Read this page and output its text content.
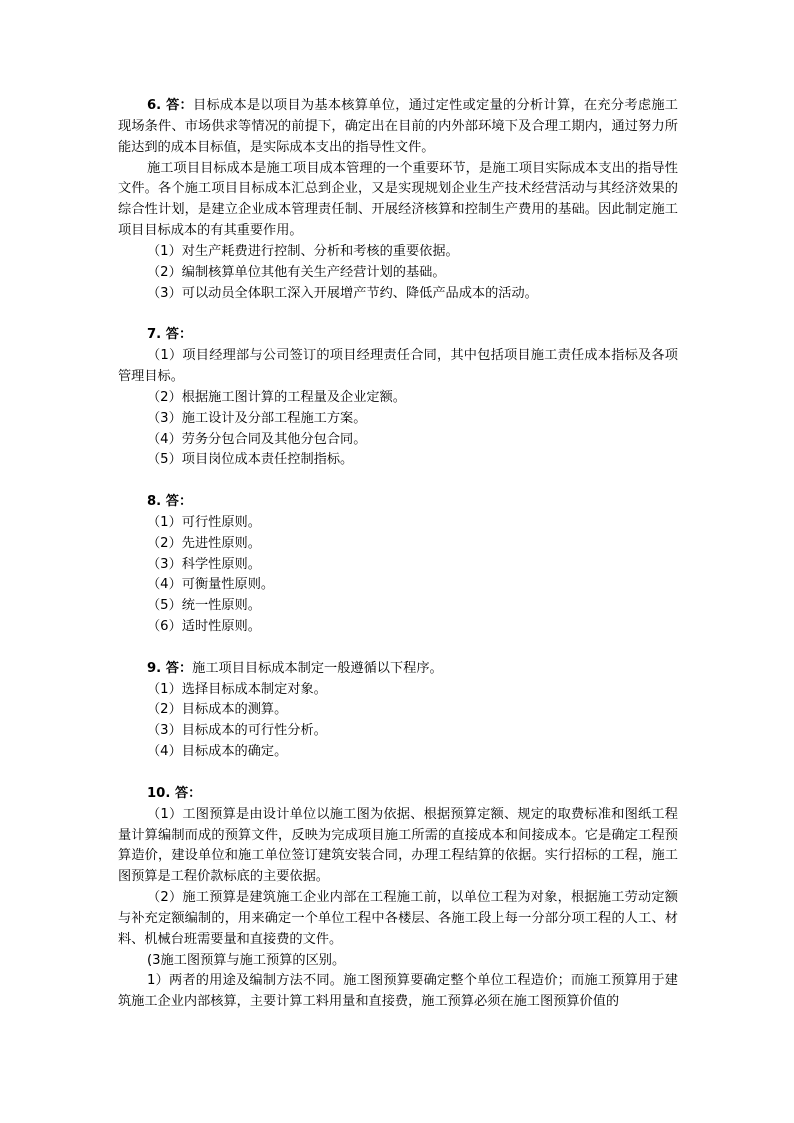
6. 答：目标成本是以项目为基本核算单位，通过定性或定量的分析计算，在充分考虑施工现场条件、市场供求等情况的前提下，确定出在目前的内外部环境下及合理工期内，通过努力所能达到的成本目标值，是实际成本支出的指导性文件。

施工项目目标成本是施工项目成本管理的一个重要环节，是施工项目实际成本支出的指导性文件。各个施工项目目标成本汇总到企业，又是实现规划企业生产技术经营活动与其经济效果的综合性计划，是建立企业成本管理责任制、开展经济核算和控制生产费用的基础。因此制定施工项目目标成本的有其重要作用。

（1）对生产耗费进行控制、分析和考核的重要依据。

（2）编制核算单位其他有关生产经营计划的基础。

（3）可以动员全体职工深入开展增产节约、降低产品成本的活动。

7. 答：

（1）项目经理部与公司签订的项目经理责任合同，其中包括项目施工责任成本指标及各项管理目标。

（2）根据施工图计算的工程量及企业定额。

（3）施工设计及分部工程施工方案。

（4）劳务分包合同及其他分包合同。

（5）项目岗位成本责任控制指标。

8. 答：

（1）可行性原则。

（2）先进性原则。

（3）科学性原则。

（4）可衡量性原则。

（5）统一性原则。

（6）适时性原则。

9. 答：施工项目目标成本制定一般遵循以下程序。

（1）选择目标成本制定对象。

（2）目标成本的测算。

（3）目标成本的可行性分析。

（4）目标成本的确定。

10. 答：

（1）工图预算是由设计单位以施工图为依据、根据预算定额、规定的取费标准和图纸工程量计算编制而成的预算文件，反映为完成项目施工所需的直接成本和间接成本。它是确定工程预算造价，建设单位和施工单位签订建筑安装合同，办理工程结算的依据。实行招标的工程，施工图预算是工程价款标底的主要依据。

（2）施工预算是建筑施工企业内部在工程施工前，以单位工程为对象，根据施工劳动定额与补充定额编制的，用来确定一个单位工程中各楼层、各施工段上每一分部分项工程的人工、材料、机械台班需要量和直接费的文件。

(3施工图预算与施工预算的区别。

1）两者的用途及编制方法不同。施工图预算要确定整个单位工程造价；而施工预算用于建筑施工企业内部核算，主要计算工料用量和直接费，施工预算必须在施工图预算价值的
